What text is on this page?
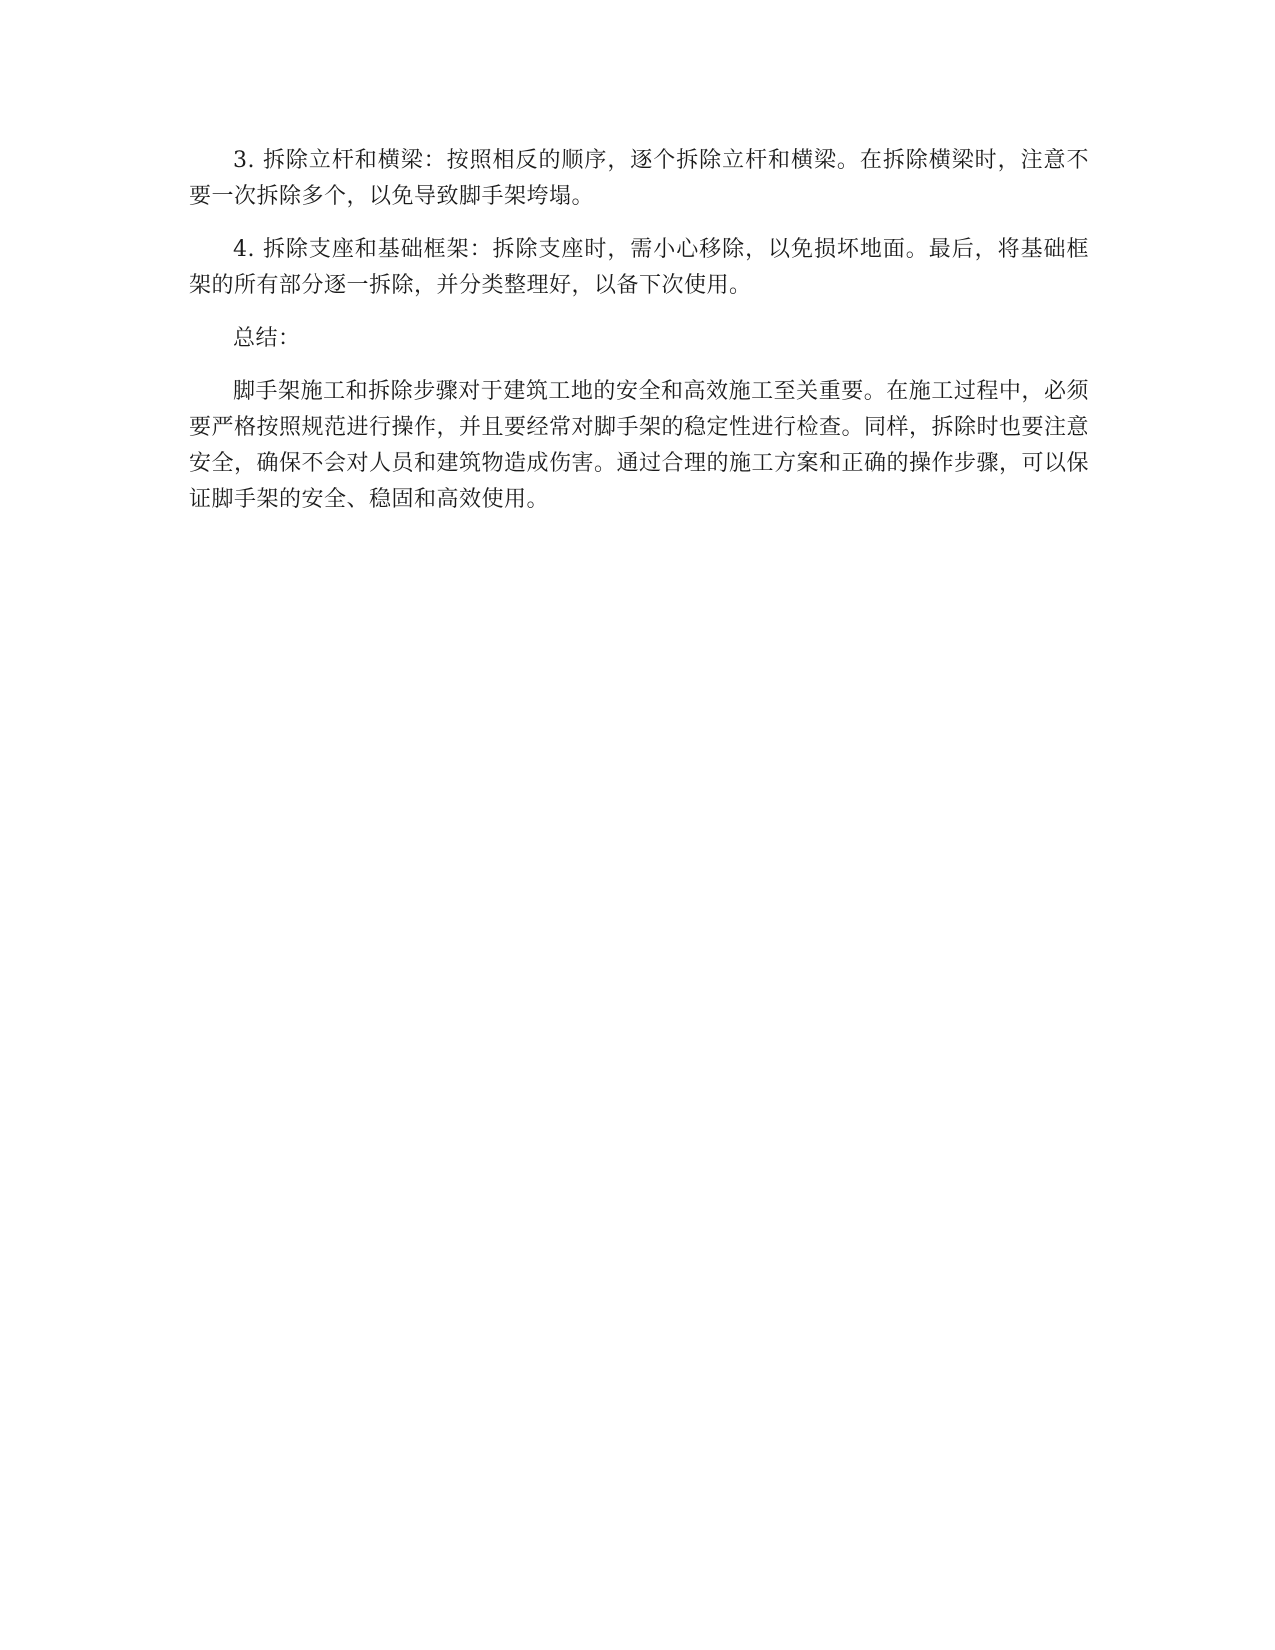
3. 拆除立杆和横梁：按照相反的顺序，逐个拆除立杆和横梁。在拆除横梁时，注意不要一次拆除多个，以免导致脚手架垮塌。

4. 拆除支座和基础框架：拆除支座时，需小心移除，以免损坏地面。最后，将基础框架的所有部分逐一拆除，并分类整理好，以备下次使用。

总结：

脚手架施工和拆除步骤对于建筑工地的安全和高效施工至关重要。在施工过程中，必须要严格按照规范进行操作，并且要经常对脚手架的稳定性进行检查。同样，拆除时也要注意安全，确保不会对人员和建筑物造成伤害。通过合理的施工方案和正确的操作步骤，可以保证脚手架的安全、稳固和高效使用。
